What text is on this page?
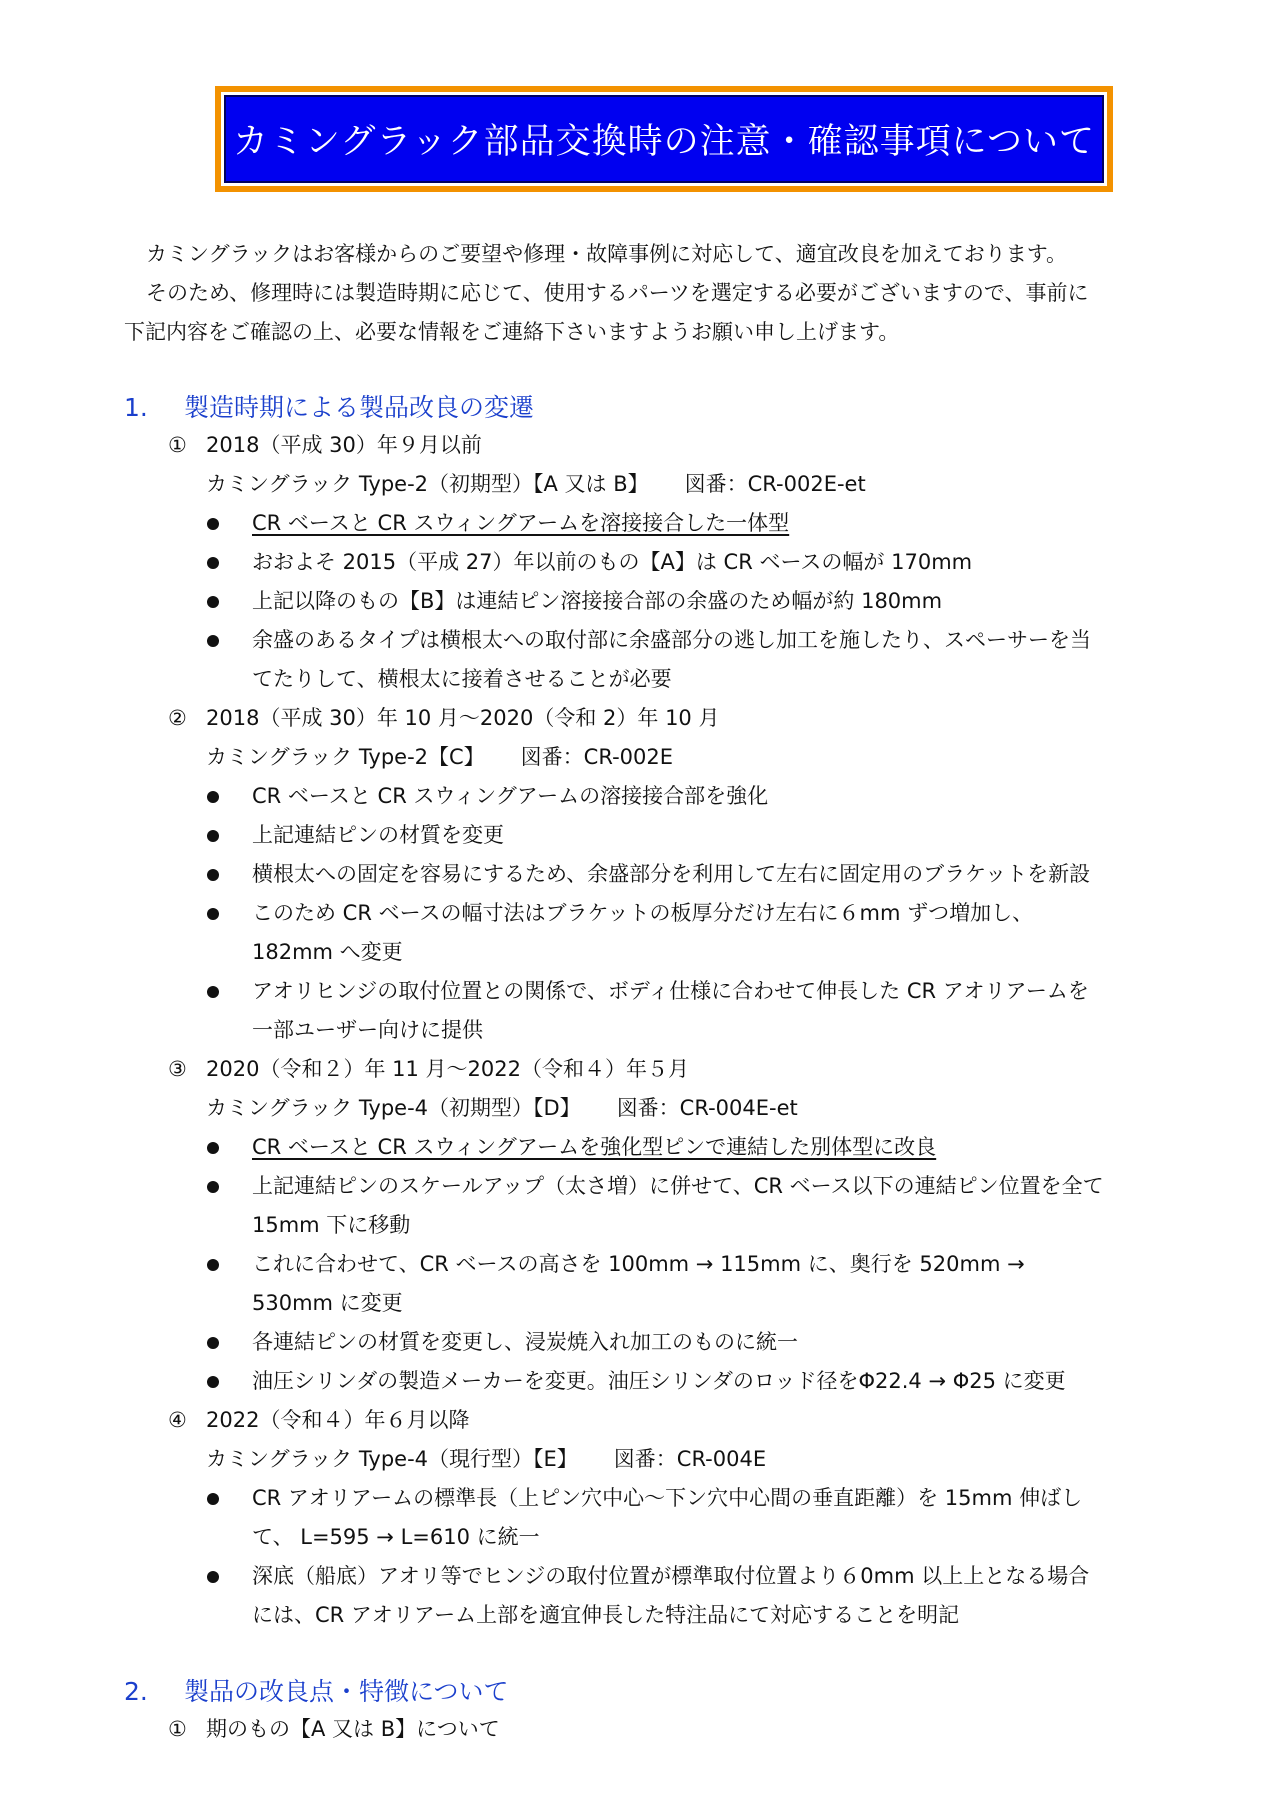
カミングラック部品交換時の注意・確認事項について

カミングラックはお客様からのご要望や修理・故障事例に対応して、適宜改良を加えております。

そのため、修理時には製造時期に応じて、使用するパーツを選定する必要がございますので、事前に

下記内容をご確認の上、必要な情報をご連絡下さいますようお願い申し上げます。

1. 製造時期による製品改良の変遷
① 2018（平成 30）年９月以前
カミングラック Type-2（初期型）【A 又は B】 図番：CR-002E-et
CR ベースと CR スウィングアームを溶接接合した一体型
おおよそ 2015（平成 27）年以前のもの【A】は CR ベースの幅が 170mm
上記以降のもの【B】は連結ピン溶接接合部の余盛のため幅が約 180mm
余盛のあるタイプは横根太への取付部に余盛部分の逃し加工を施したり、スペーサーを当
てたりして、横根太に接着させることが必要
② 2018（平成 30）年 10 月～2020（令和 2）年 10 月
カミングラック Type-2【C】 図番：CR-002E
CR ベースと CR スウィングアームの溶接接合部を強化
上記連結ピンの材質を変更
横根太への固定を容易にするため、余盛部分を利用して左右に固定用のブラケットを新設
このため CR ベースの幅寸法はブラケットの板厚分だけ左右に６mm ずつ増加し、
182mm へ変更
アオリヒンジの取付位置との関係で、ボディ仕様に合わせて伸長した CR アオリアームを
一部ユーザー向けに提供
③ 2020（令和２）年 11 月～2022（令和４）年５月
カミングラック Type-4（初期型）【D】 図番：CR-004E-et
CR ベースと CR スウィングアームを強化型ピンで連結した別体型に改良
上記連結ピンのスケールアップ（太さ増）に併せて、CR ベース以下の連結ピン位置を全て
15mm 下に移動
これに合わせて、CR ベースの高さを 100mm → 115mm に、奥行を 520mm →
530mm に変更
各連結ピンの材質を変更し、浸炭焼入れ加工のものに統一
油圧シリンダの製造メーカーを変更。油圧シリンダのロッド径をΦ22.4 → Φ25 に変更
④ 2022（令和４）年６月以降
カミングラック Type-4（現行型）【E】 図番：CR-004E
CR アオリアームの標準長（上ピン穴中心～下ン穴中心間の垂直距離）を 15mm 伸ばし
て、 L=595 → L=610 に統一
深底（船底）アオリ等でヒンジの取付位置が標準取付位置より６0mm 以上上となる場合
には、CR アオリアーム上部を適宜伸長した特注品にて対応することを明記
2. 製品の改良点・特徴について
① 期のもの【A 又は B】について
